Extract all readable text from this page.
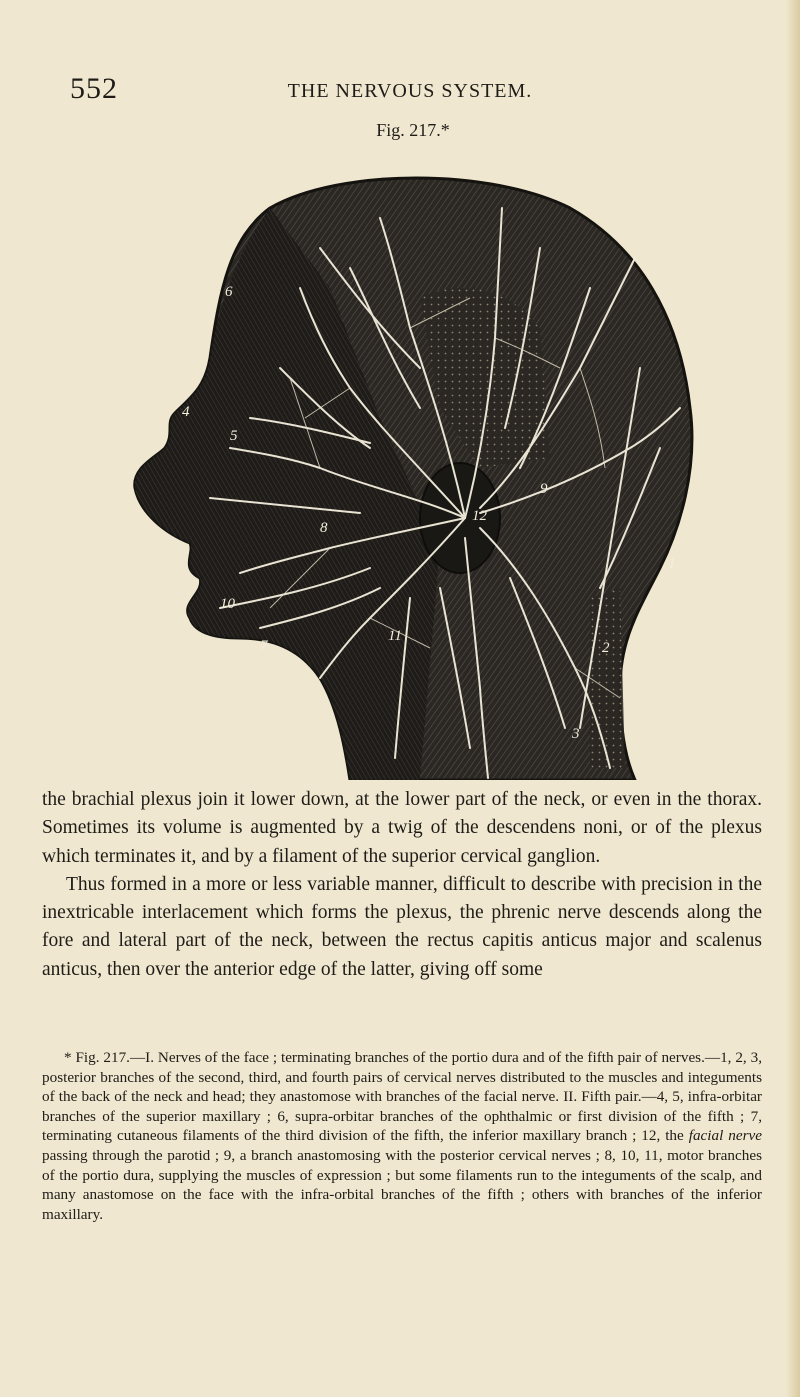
552	THE NERVOUS SYSTEM.
Fig. 217.*
6
4
5
8
10
7
11
12
9
1
2
3

the brachial plexus join it lower down, at the lower part of the neck, or even in the thorax. Sometimes its volume is augmented by a twig of the descendens noni, or of the plexus which terminates it, and by a filament of the superior cervical ganglion.

Thus formed in a more or less variable manner, difficult to describe with precision in the inextricable interlacement which forms the plexus, the phrenic nerve descends along the fore and lateral part of the neck, between the rectus capitis anticus major and scalenus anticus, then over the anterior edge of the latter, giving off some

* Fig. 217.—I. Nerves of the face ; terminating branches of the portio dura and of the fifth pair of nerves.—1, 2, 3, posterior branches of the second, third, and fourth pairs of cervical nerves distributed to the muscles and integuments of the back of the neck and head; they anastomose with branches of the facial nerve. II. Fifth pair.—4, 5, infra-orbitar branches of the superior maxillary ; 6, supra-orbitar branches of the ophthalmic or first division of the fifth ; 7, terminating cutaneous filaments of the third division of the fifth, the inferior maxillary branch ; 12, the facial nerve passing through the parotid ; 9, a branch anastomosing with the posterior cervical nerves ; 8, 10, 11, motor branches of the portio dura, supplying the muscles of expression ; but some filaments run to the integuments of the scalp, and many anastomose on the face with the infra-orbital branches of the fifth ; others with branches of the inferior maxillary.
